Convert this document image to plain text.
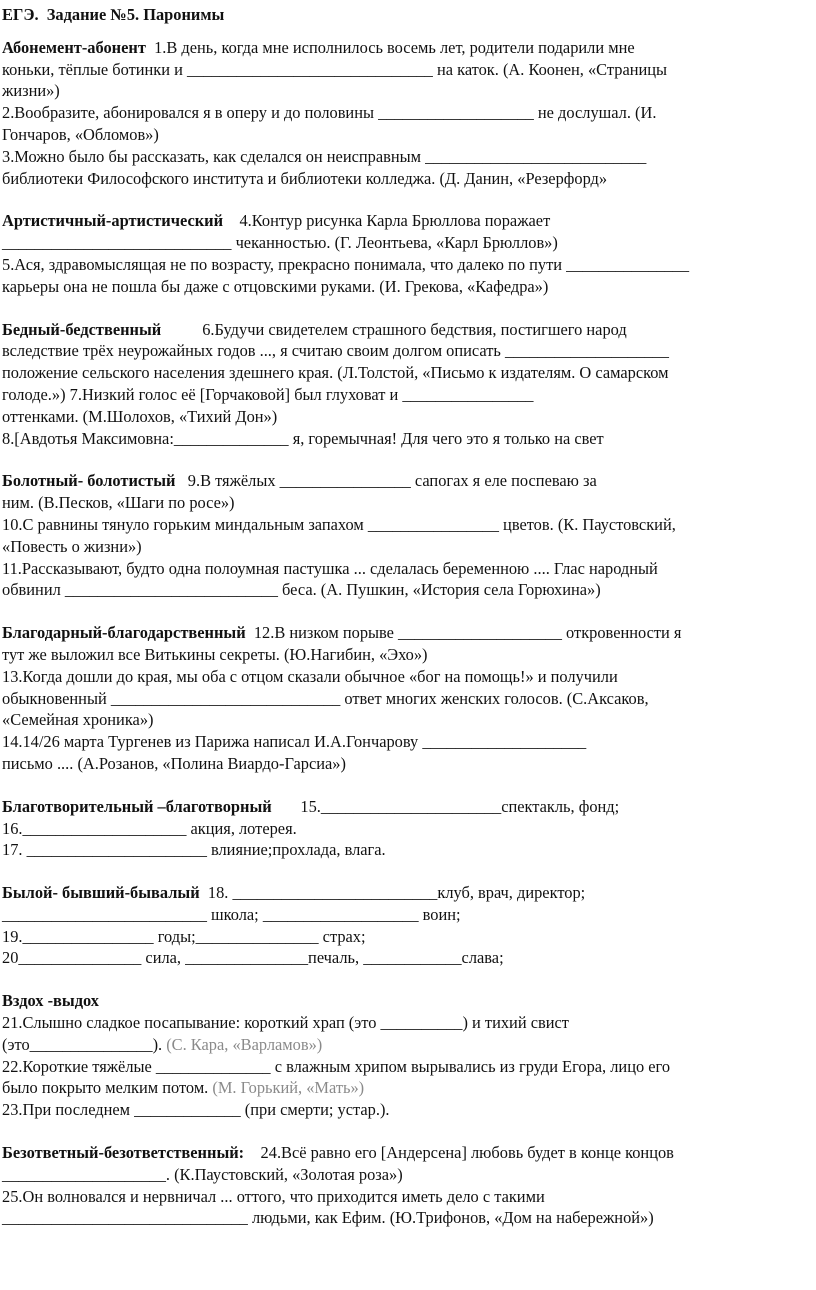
ЕГЭ.  Задание №5. Паронимы
Абонемент-абонент  1.В день, когда мне исполнилось восемь лет, родители подарили мне
коньки, тёплые ботинки и ______________________________ на каток. (А. Коонен, «Страницы
жизни»)
2.Вообразите, абонировался я в оперу и до половины ___________________ не дослушал. (И.
Гончаров, «Обломов»)
3.Можно было бы рассказать, как сделался он неисправным ___________________________
библиотеки Философского института и библиотеки колледжа. (Д. Данин, «Резерфорд»
Артистичный-артистический    4.Контур рисунка Карла Брюллова поражает
____________________________ чеканностью. (Г. Леонтьева, «Карл Брюллов»)
5.Ася, здравомыслящая не по возрасту, прекрасно понимала, что далеко по пути _______________
карьеры она не пошла бы даже с отцовскими руками. (И. Грекова, «Кафедра»)
Бедный-бедственный          6.Будучи свидетелем страшного бедствия, постигшего народ
вследствие трёх неурожайных годов ..., я считаю своим долгом описать ____________________
положение сельского населения здешнего края. (Л.Толстой, «Письмо к издателям. О самарском
голоде.») 7.Низкий голос её [Горчаковой] был глуховат и ________________
оттенками. (М.Шолохов, «Тихий Дон»)
8.[Авдотья Максимовна:______________ я, горемычная! Для чего это я только на свет
Болотный- болотистый   9.В тяжёлых ________________ сапогах я еле поспеваю за
ним. (В.Песков, «Шаги по росе»)
10.С равнины тянуло горьким миндальным запахом ________________ цветов. (К. Паустовский,
«Повесть о жизни»)
11.Рассказывают, будто одна полоумная пастушка ... сделалась беременною .... Глас народный
обвинил __________________________ беса. (А. Пушкин, «История села Горюхина»)
Благодарный-благодарственный  12.В низком порыве ____________________ откровенности я
тут же выложил все Витькины секреты. (Ю.Нагибин, «Эхо»)
13.Когда дошли до края, мы оба с отцом сказали обычное «бог на помощь!» и получили
обыкновенный ____________________________ ответ многих женских голосов. (С.Аксаков,
«Семейная хроника»)
14.14/26 марта Тургенев из Парижа написал И.А.Гончарову ____________________
письмо .... (А.Розанов, «Полина Виардо-Гарсиа»)
Благотворительный –благотворный       15.______________________спектакль, фонд;
16.____________________ акция, лотерея.
17. ______________________ влияние;прохлада, влага.
Былой- бывший-бывалый  18. _________________________клуб, врач, директор;
_________________________ школа; ___________________ воин;
19.________________ годы;_______________ страх;
20_______________ сила, _______________печаль, ____________слава;
Вздох -выдох
21.Слышно сладкое посапывание: короткий храп (это __________) и тихий свист
(это_______________). (С. Кара, «Варламов»)
22.Короткие тяжёлые ______________ с влажным хрипом вырывались из груди Егора, лицо его
было покрыто мелким потом. (М. Горький, «Мать»)
23.При последнем _____________ (при смерти; устар.).
Безответный-безответственный:    24.Всё равно его [Андерсена] любовь будет в конце концов
____________________. (К.Паустовский, «Золотая роза»)
25.Он волновался и нервничал ... оттого, что приходится иметь дело с такими
______________________________ людьми, как Ефим. (Ю.Трифонов, «Дом на набережной»)
